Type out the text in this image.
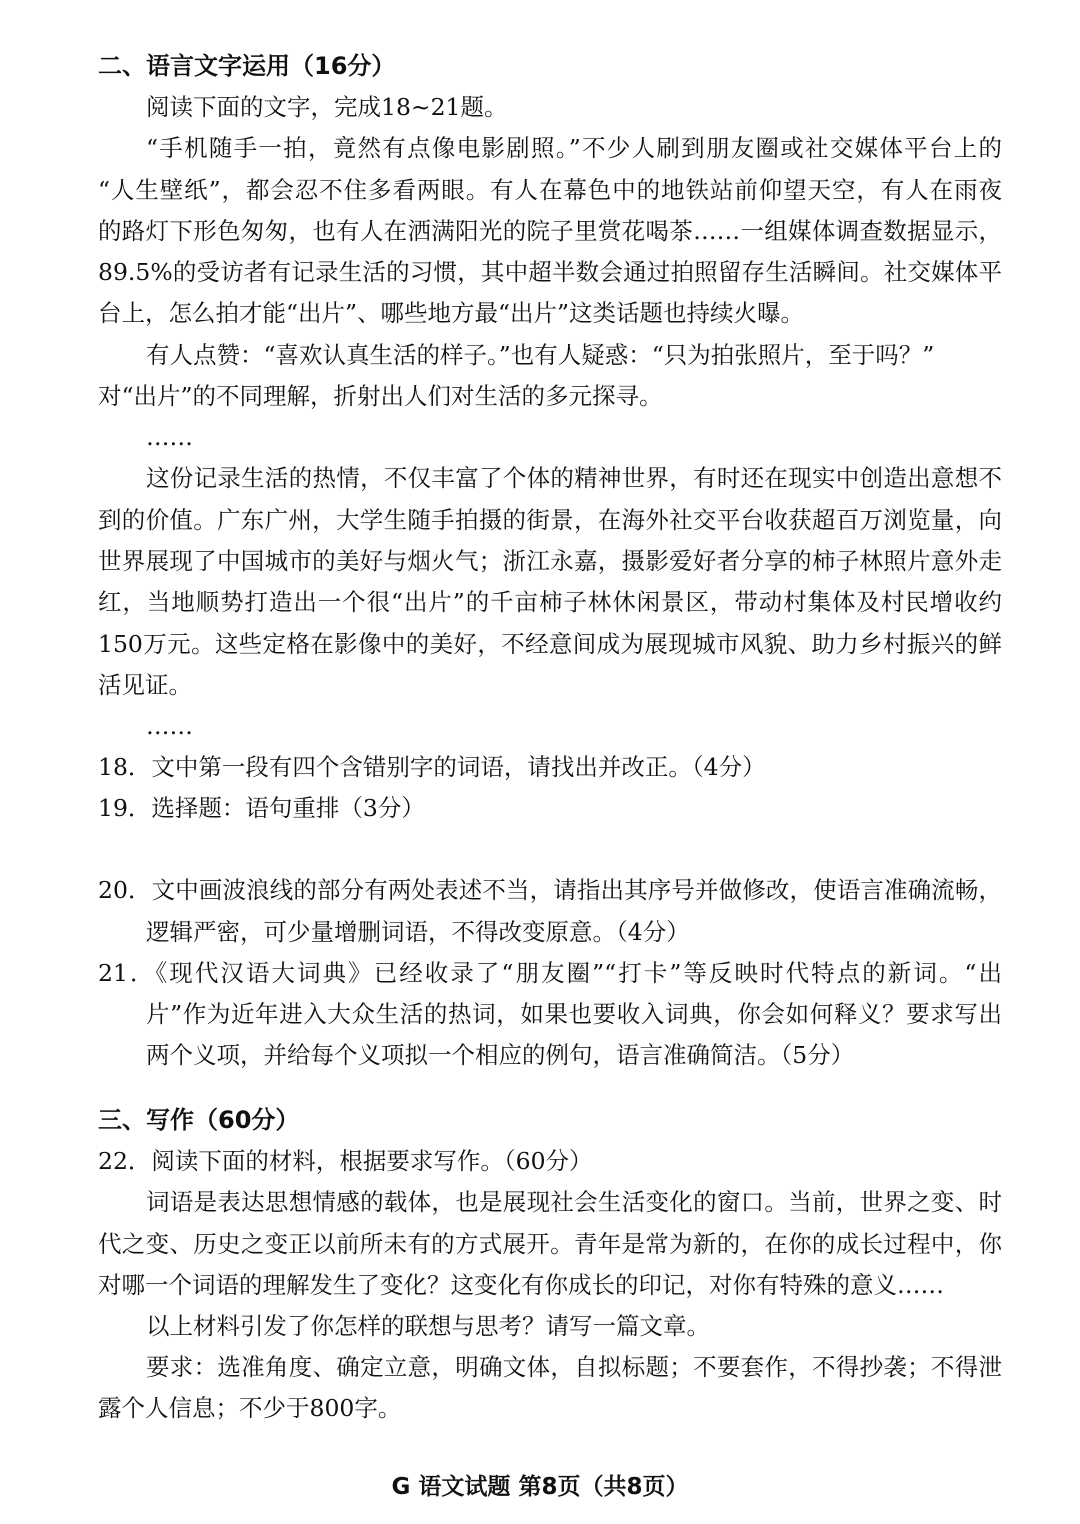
二、语言文字运用（16分）
阅读下面的文字，完成18~21题。
“手机随手一拍，竟然有点像电影剧照。”不少人刷到朋友圈或社交媒体平台上的
“人生壁纸”，都会忍不住多看两眼。有人在幕色中的地铁站前仰望天空，有人在雨夜
的路灯下形色匆匆，也有人在洒满阳光的院子里赏花喝茶……一组媒体调查数据显示，
89.5%的受访者有记录生活的习惯，其中超半数会通过拍照留存生活瞬间。社交媒体平
台上，怎么拍才能“出片”、哪些地方最“出片”这类话题也持续火曝。
有人点赞：“喜欢认真生活的样子。”也有人疑惑：“只为拍张照片，至于吗？”
对“出片”的不同理解，折射出人们对生活的多元探寻。
……
这份记录生活的热情，不仅丰富了个体的精神世界，有时还在现实中创造出意想不
到的价值。广东广州，大学生随手拍摄的街景，在海外社交平台收获超百万浏览量，向
世界展现了中国城市的美好与烟火气；浙江永嘉，摄影爱好者分享的柿子林照片意外走
红，当地顺势打造出一个很“出片”的千亩柿子林休闲景区，带动村集体及村民增收约
150万元。这些定格在影像中的美好，不经意间成为展现城市风貌、助力乡村振兴的鲜
活见证。
……
18．文中第一段有四个含错别字的词语，请找出并改正。（4分）
19．选择题：语句重排（3分）
20．文中画波浪线的部分有两处表述不当，请指出其序号并做修改，使语言准确流畅，
逻辑严密，可少量增删词语，不得改变原意。（4分）
21．《现代汉语大词典》已经收录了“朋友圈”“打卡”等反映时代特点的新词。“出
片”作为近年进入大众生活的热词，如果也要收入词典，你会如何释义？要求写出
两个义项，并给每个义项拟一个相应的例句，语言准确简洁。（5分）
三、写作（60分）
22．阅读下面的材料，根据要求写作。（60分）
词语是表达思想情感的载体，也是展现社会生活变化的窗口。当前，世界之变、时
代之变、历史之变正以前所未有的方式展开。青年是常为新的，在你的成长过程中，你
对哪一个词语的理解发生了变化？这变化有你成长的印记，对你有特殊的意义……
以上材料引发了你怎样的联想与思考？请写一篇文章。
要求：选准角度、确定立意，明确文体，自拟标题；不要套作，不得抄袭；不得泄
露个人信息；不少于800字。
G 语文试题 第8页（共8页）
